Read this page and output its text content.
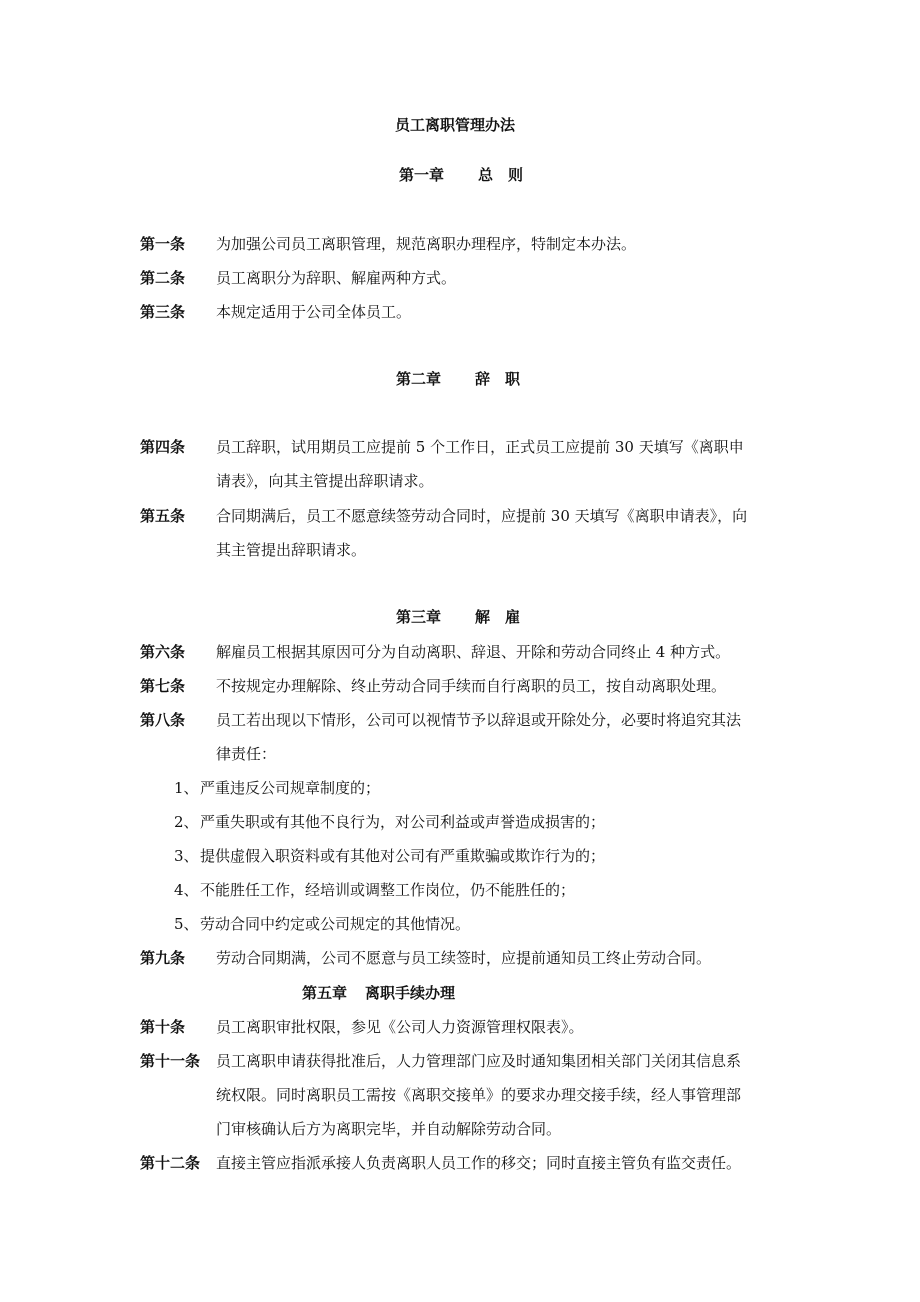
员工离职管理办法
第一章 总　则
第一条 为加强公司员工离职管理，规范离职办理程序，特制定本办法。
第二条 员工离职分为辞职、解雇两种方式。
第三条 本规定适用于公司全体员工。
第二章 辞　职
第四条 员工辞职，试用期员工应提前 5 个工作日，正式员工应提前 30 天填写《离职申
请表》，向其主管提出辞职请求。
第五条 合同期满后，员工不愿意续签劳动合同时，应提前 30 天填写《离职申请表》，向
其主管提出辞职请求。
第三章 解　雇
第六条 解雇员工根据其原因可分为自动离职、辞退、开除和劳动合同终止 4 种方式。
第七条 不按规定办理解除、终止劳动合同手续而自行离职的员工，按自动离职处理。
第八条 员工若出现以下情形，公司可以视情节予以辞退或开除处分，必要时将追究其法
律责任：
1、 严重违反公司规章制度的；
2、 严重失职或有其他不良行为，对公司利益或声誉造成损害的；
3、 提供虚假入职资料或有其他对公司有严重欺骗或欺诈行为的；
4、 不能胜任工作，经培训或调整工作岗位，仍不能胜任的；
5、 劳动合同中约定或公司规定的其他情况。
第九条 劳动合同期满，公司不愿意与员工续签时，应提前通知员工终止劳动合同。
第五章 离职手续办理
第十条 员工离职审批权限，参见《公司人力资源管理权限表》。
第十一条 员工离职申请获得批准后，人力管理部门应及时通知集团相关部门关闭其信息系
统权限。同时离职员工需按《离职交接单》的要求办理交接手续，经人事管理部
门审核确认后方为离职完毕，并自动解除劳动合同。
第十二条 直接主管应指派承接人负责离职人员工作的移交；同时直接主管负有监交责任。
